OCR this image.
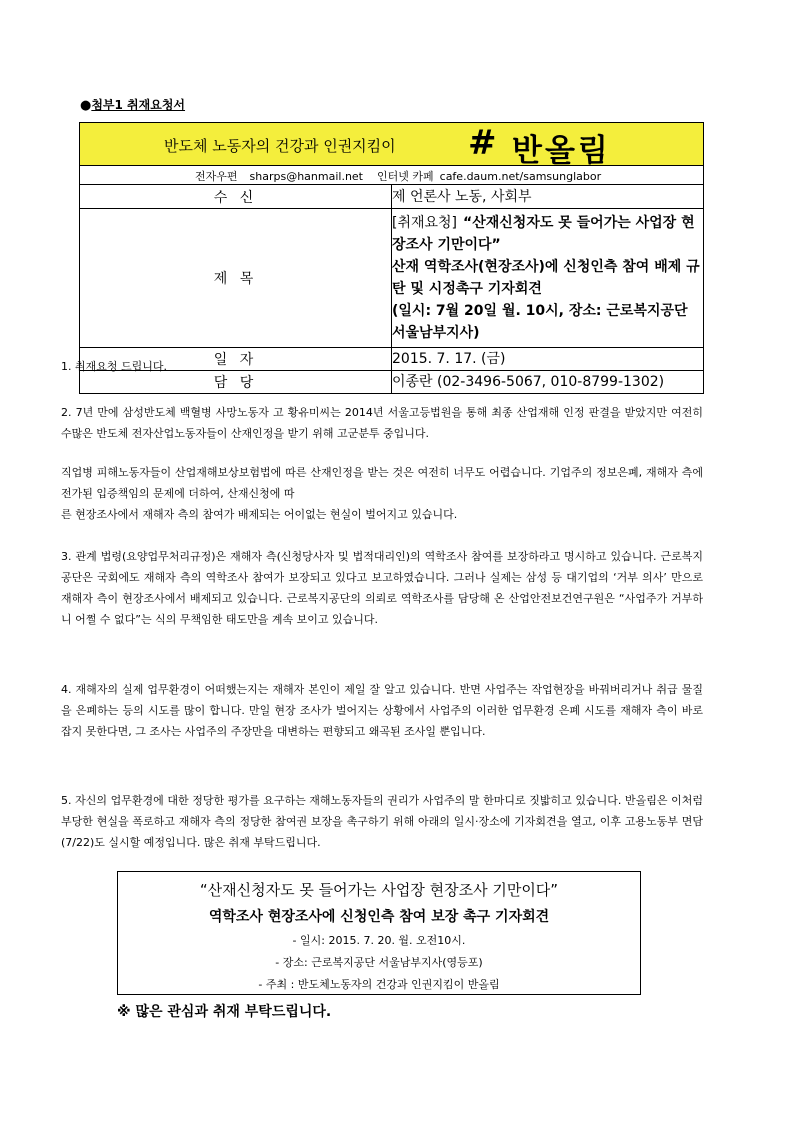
●첨부1 취재요청서
반도체 노동자의 건강과 인권지킴이 # 반올림	

전자우편 sharps@hanmail.net 인터넷 카페 cafe.daum.net/samsunglabor	

수 신	제 언론사 노동, 사회부
제 목	[취재요청] “산재신청자도 못 들어가는 사업장 현장조사 기만이다”
산재 역학조사(현장조사)에 신청인측 참여 배제 규탄 및 시정촉구 기자회견
(일시: 7월 20일 월. 10시, 장소: 근로복지공단 서울남부지사)

일 자	2015. 7. 17. (금)
담 당	이종란 (02-3496-5067, 010-8799-1302)

1. 취재요청 드립니다.

2. 7년 만에 삼성반도체 백혈병 사망노동자 고 황유미씨는 2014년 서울고등법원을 통해 최종 산업재해 인정 판결을 받았지만 여전히 수많은 반도체 전자산업노동자들이 산재인정을 받기 위해 고군분투 중입니다.

직업병 피해노동자들이 산업재해보상보험법에 따른 산재인정을 받는 것은 여전히 너무도 어렵습니다. 기업주의 정보은폐, 재해자 측에 전가된 입증책임의 문제에 더하여, 산재신청에 따

른 현장조사에서 재해자 측의 참여가 배제되는 어이없는 현실이 벌어지고 있습니다.

3. 관계 법령(요양업무처리규정)은 재해자 측(신청당사자 및 법적대리인)의 역학조사 참여를 보장하라고 명시하고 있습니다. 근로복지공단은 국회에도 재해자 측의 역학조사 참여가 보장되고 있다고 보고하였습니다. 그러나 실제는 삼성 등 대기업의 ‘거부 의사’ 만으로 재해자 측이 현장조사에서 배제되고 있습니다. 근로복지공단의 의뢰로 역학조사를 담당해 온 산업안전보건연구원은 “사업주가 거부하니 어쩔 수 없다”는 식의 무책임한 태도만을 계속 보이고 있습니다.

4. 재해자의 실제 업무환경이 어떠했는지는 재해자 본인이 제일 잘 알고 있습니다. 반면 사업주는 작업현장을 바꿔버리거나 취급 물질을 은폐하는 등의 시도를 많이 합니다. 만일 현장 조사가 벌어지는 상황에서 사업주의 이러한 업무환경 은폐 시도를 재해자 측이 바로 잡지 못한다면, 그 조사는 사업주의 주장만을 대변하는 편향되고 왜곡된 조사일 뿐입니다.

5. 자신의 업무환경에 대한 정당한 평가를 요구하는 재해노동자들의 권리가 사업주의 말 한마디로 짓밟히고 있습니다. 반올림은 이처럼 부당한 현실을 폭로하고 재해자 측의 정당한 참여권 보장을 촉구하기 위해 아래의 일시·장소에 기자회견을 열고, 이후 고용노동부 면담(7/22)도 실시할 예정입니다. 많은 취재 부탁드립니다.

“산재신청자도 못 들어가는 사업장 현장조사 기만이다”
역학조사 현장조사에 신청인측 참여 보장 촉구 기자회견
- 일시: 2015. 7. 20. 월. 오전10시.
- 장소: 근로복지공단 서울남부지사(영등포)
- 주최 : 반도체노동자의 건강과 인권지킴이 반올림
※ 많은 관심과 취재 부탁드립니다.
